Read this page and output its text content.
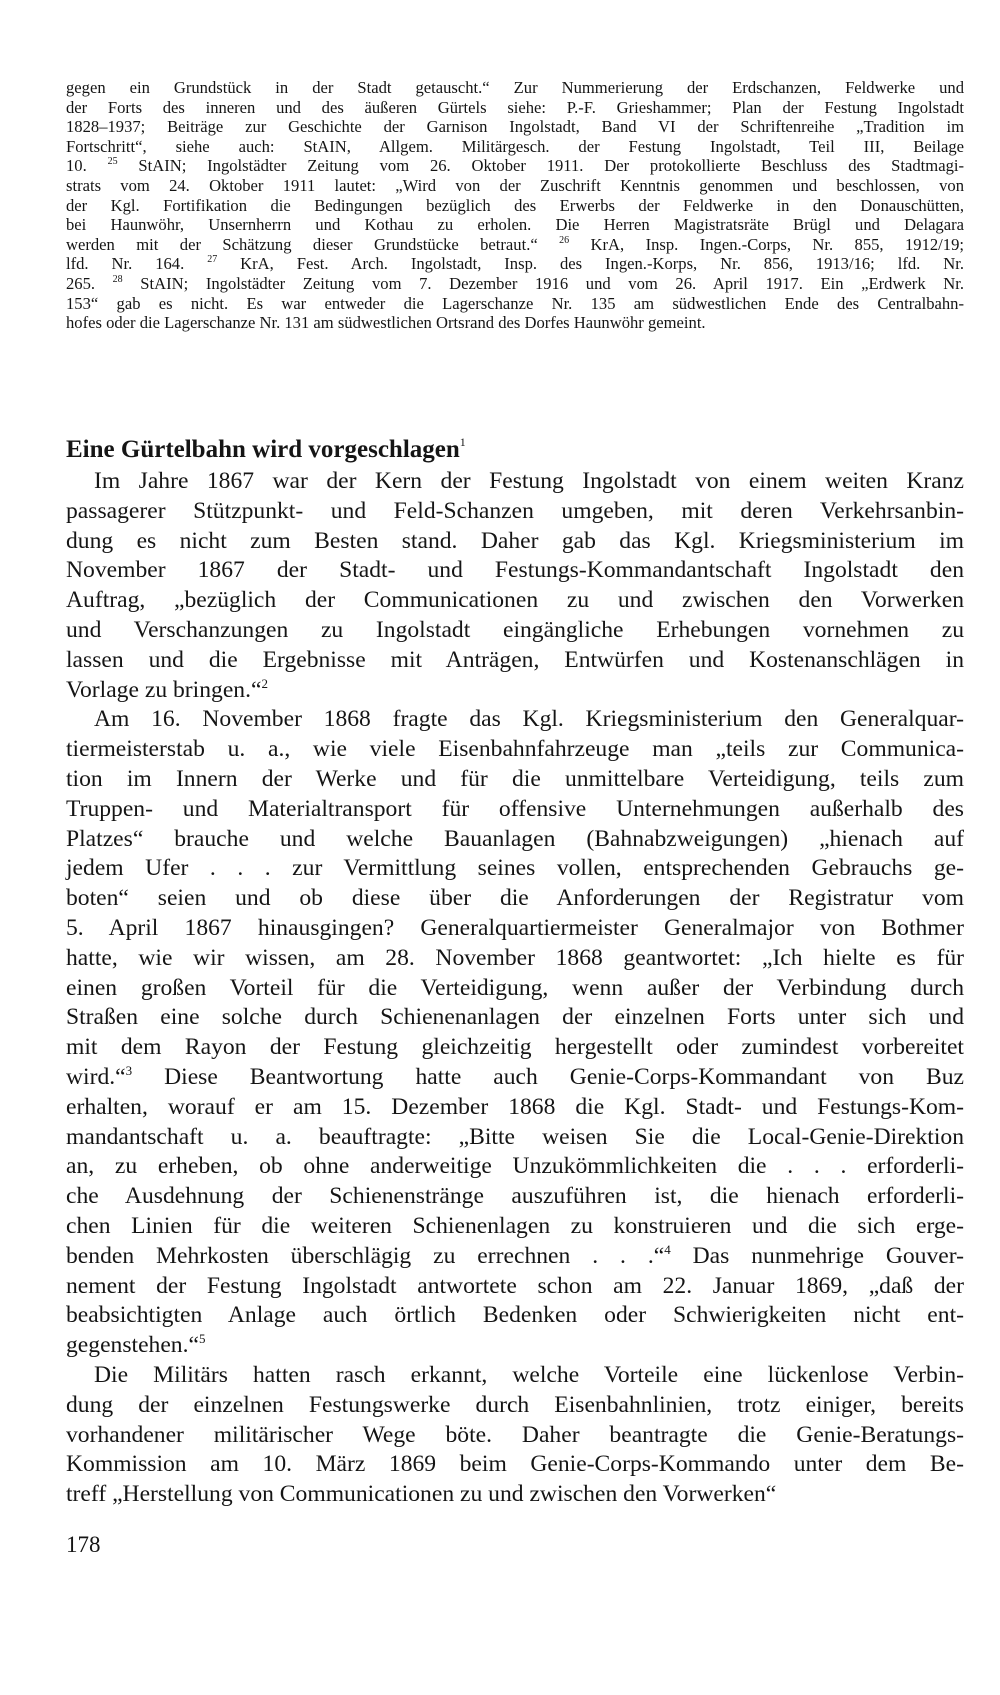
gegen ein Grundstück in der Stadt getauscht.“ Zur Nummerierung der Erdschanzen, Feldwerke und
der Forts des inneren und des äußeren Gürtels siehe: P.-F. Grieshammer; Plan der Festung Ingolstadt
1828–1937; Beiträge zur Geschichte der Garnison Ingolstadt, Band VI der Schriftenreihe „Tradition im
Fortschritt“, siehe auch: StAIN, Allgem. Militärgesch. der Festung Ingolstadt, Teil III, Beilage
10. $^{25}$ StAIN; Ingolstädter Zeitung vom 26. Oktober 1911. Der protokollierte Beschluss des Stadtmagi-
strats vom 24. Oktober 1911 lautet: „Wird von der Zuschrift Kenntnis genommen und beschlossen, von
der Kgl. Fortifikation die Bedingungen bezüglich des Erwerbs der Feldwerke in den Donauschütten,
bei Haunwöhr, Unsernherrn und Kothau zu erholen. Die Herren Magistratsräte Brügl und Delagara
werden mit der Schätzung dieser Grundstücke betraut.“ $^{26}$ KrA, Insp. Ingen.-Corps, Nr. 855, 1912/19;
lfd. Nr. 164. $^{27}$ KrA, Fest. Arch. Ingolstadt, Insp. des Ingen.-Korps, Nr. 856, 1913/16; lfd. Nr.
265. $^{28}$ StAIN; Ingolstädter Zeitung vom 7. Dezember 1916 und vom 26. April 1917. Ein „Erdwerk Nr.
153“ gab es nicht. Es war entweder die Lagerschanze Nr. 135 am südwestlichen Ende des Centralbahn-
hofes oder die Lagerschanze Nr. 131 am südwestlichen Ortsrand des Dorfes Haunwöhr gemeint.
Eine Gürtelbahn wird vorgeschlagen$^1$
Im Jahre 1867 war der Kern der Festung Ingolstadt von einem weiten Kranz
passagerer Stützpunkt- und Feld-Schanzen umgeben, mit deren Verkehrsanbin-
dung es nicht zum Besten stand. Daher gab das Kgl. Kriegsministerium im
November 1867 der Stadt- und Festungs-Kommandantschaft Ingolstadt den
Auftrag, „bezüglich der Communicationen zu und zwischen den Vorwerken
und Verschanzungen zu Ingolstadt eingängliche Erhebungen vornehmen zu
lassen und die Ergebnisse mit Anträgen, Entwürfen und Kostenanschlägen in
Vorlage zu bringen.“$^2$
Am 16. November 1868 fragte das Kgl. Kriegsministerium den Generalquar-
tiermeisterstab u. a., wie viele Eisenbahnfahrzeuge man „teils zur Communica-
tion im Innern der Werke und für die unmittelbare Verteidigung, teils zum
Truppen- und Materialtransport für offensive Unternehmungen außerhalb des
Platzes“ brauche und welche Bauanlagen (Bahnabzweigungen) „hienach auf
jedem Ufer . . . zur Vermittlung seines vollen, entsprechenden Gebrauchs ge-
boten“ seien und ob diese über die Anforderungen der Registratur vom
5. April 1867 hinausgingen? Generalquartiermeister Generalmajor von Bothmer
hatte, wie wir wissen, am 28. November 1868 geantwortet: „Ich hielte es für
einen großen Vorteil für die Verteidigung, wenn außer der Verbindung durch
Straßen eine solche durch Schienenanlagen der einzelnen Forts unter sich und
mit dem Rayon der Festung gleichzeitig hergestellt oder zumindest vorbereitet
wird.“$^3$ Diese Beantwortung hatte auch Genie-Corps-Kommandant von Buz
erhalten, worauf er am 15. Dezember 1868 die Kgl. Stadt- und Festungs-Kom-
mandantschaft u. a. beauftragte: „Bitte weisen Sie die Local-Genie-Direktion
an, zu erheben, ob ohne anderweitige Unzukömmlichkeiten die . . . erforderli-
che Ausdehnung der Schienenstränge auszuführen ist, die hienach erforderli-
chen Linien für die weiteren Schienenlagen zu konstruieren und die sich erge-
benden Mehrkosten überschlägig zu errechnen . . .“$^4$ Das nunmehrige Gouver-
nement der Festung Ingolstadt antwortete schon am 22. Januar 1869, „daß der
beabsichtigten Anlage auch örtlich Bedenken oder Schwierigkeiten nicht ent-
gegenstehen.“$^5$
Die Militärs hatten rasch erkannt, welche Vorteile eine lückenlose Verbin-
dung der einzelnen Festungswerke durch Eisenbahnlinien, trotz einiger, bereits
vorhandener militärischer Wege böte. Daher beantragte die Genie-Beratungs-
Kommission am 10. März 1869 beim Genie-Corps-Kommando unter dem Be-
treff „Herstellung von Communicationen zu und zwischen den Vorwerken“
178
